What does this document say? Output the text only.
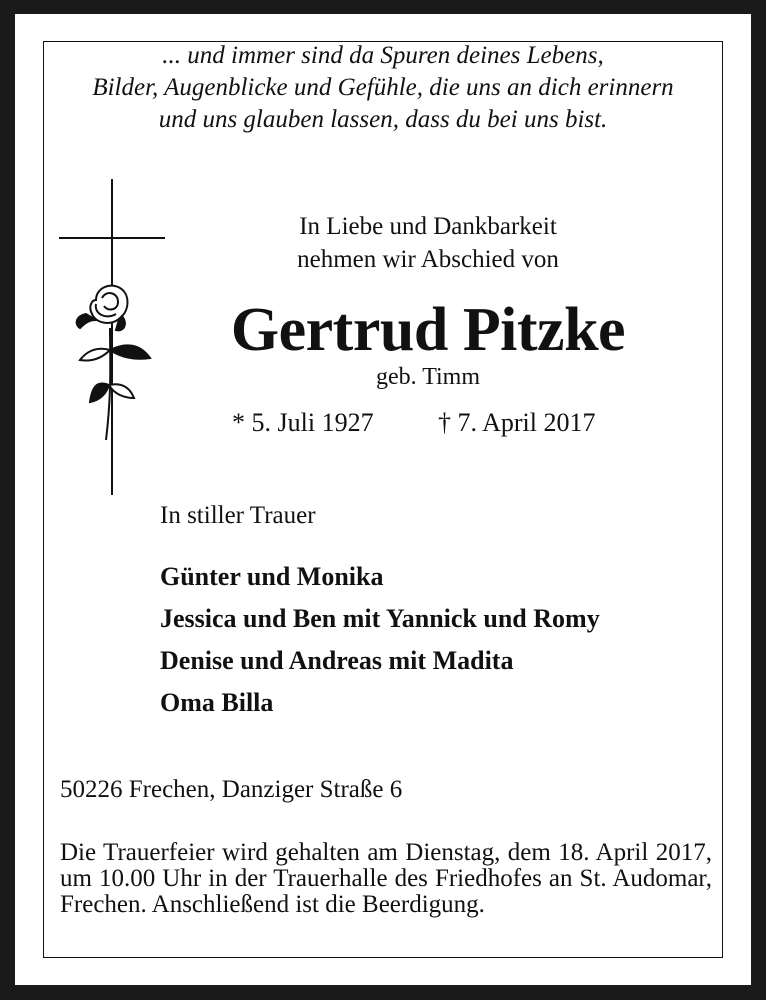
... und immer sind da Spuren deines Lebens,
Bilder, Augenblicke und Gefühle, die uns an dich erinnern
und uns glauben lassen, dass du bei uns bist.
In Liebe und Dankbarkeit
nehmen wir Abschied von
Gertrud Pitzke
geb. Timm
* 5. Juli 1927 † 7. April 2017
In stiller Trauer
Günter und Monika
Jessica und Ben mit Yannick und Romy
Denise und Andreas mit Madita
Oma Billa
50226 Frechen, Danziger Straße 6
Die Trauerfeier wird gehalten am Dienstag, dem 18. April 2017, um 10.00 Uhr in der Trauerhalle des Friedhofes an St. Audomar, Frechen. Anschließend ist die Beerdigung.
